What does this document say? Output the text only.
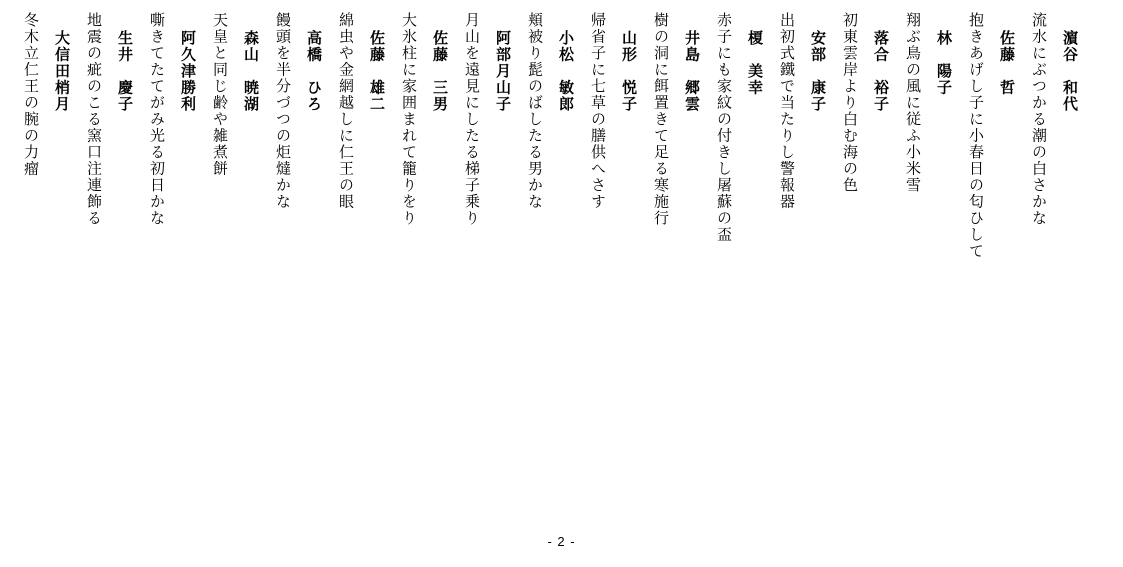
濵谷　和代
流水にぶつかる潮の白さかな
佐藤　哲
抱きあげし子に小春日の匂ひして
林　陽子
翔ぶ鳥の風に従ふ小米雪
落合　裕子
初東雲岸より白む海の色
安部　康子
出初式鐵で当たりし警報器
榎　美幸
赤子にも家紋の付きし屠蘇の盃
井島　郷雲
樹の洞に餌置きて足る寒施行
山形　悦子
帰省子に七草の膳供へさす
小松　敏郎
頬被り髭のばしたる男かな
阿部月山子
月山を遠見にしたる梯子乗り
佐藤　三男
大氷柱に家囲まれて籠りをり
佐藤　雄二
綿虫や金網越しに仁王の眼
高橋　ひろ
饅頭を半分づつの炬燵かな
森山　暁湖
天皇と同じ齢や雑煮餅
阿久津勝利
嘶きてたてがみ光る初日かな
生井　慶子
地震の疵のこる窯口注連飾る
大信田梢月
冬木立仁王の腕の力瘤
- 2 -
